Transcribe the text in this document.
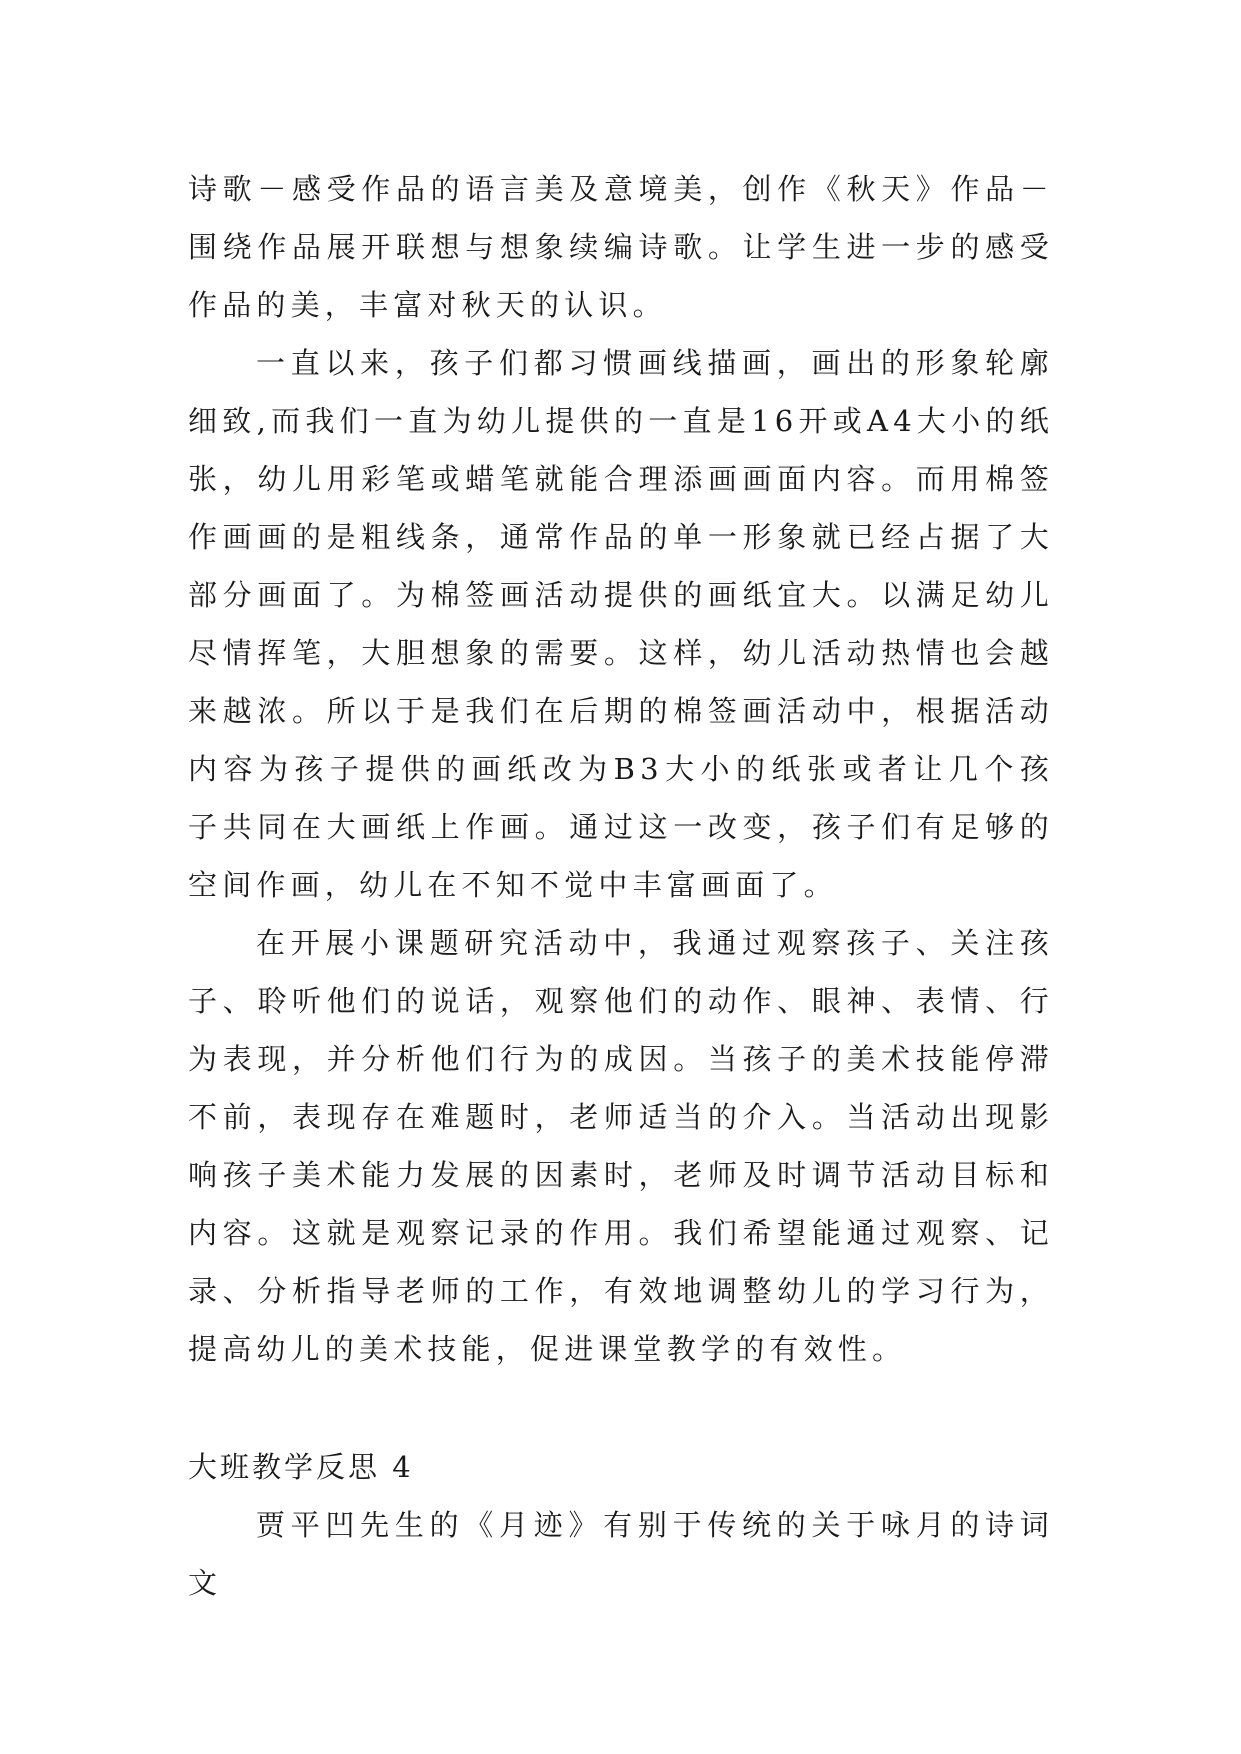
诗歌－感受作品的语言美及意境美，创作《秋天》作品－围绕作品展开联想与想象续编诗歌。让学生进一步的感受作品的美，丰富对秋天的认识。

一直以来，孩子们都习惯画线描画，画出的形象轮廓细致,而我们一直为幼儿提供的一直是16开或A4大小的纸张，幼儿用彩笔或蜡笔就能合理添画画面内容。而用棉签作画画的是粗线条，通常作品的单一形象就已经占据了大部分画面了。为棉签画活动提供的画纸宜大。以满足幼儿尽情挥笔，大胆想象的需要。这样，幼儿活动热情也会越来越浓。所以于是我们在后期的棉签画活动中，根据活动内容为孩子提供的画纸改为B3大小的纸张或者让几个孩子共同在大画纸上作画。通过这一改变，孩子们有足够的空间作画，幼儿在不知不觉中丰富画面了。

在开展小课题研究活动中，我通过观察孩子、关注孩子、聆听他们的说话，观察他们的动作、眼神、表情、行为表现，并分析他们行为的成因。当孩子的美术技能停滞不前，表现存在难题时，老师适当的介入。当活动出现影响孩子美术能力发展的因素时，老师及时调节活动目标和内容。这就是观察记录的作用。我们希望能通过观察、记录、分析指导老师的工作，有效地调整幼儿的学习行为，提高幼儿的美术技能，促进课堂教学的有效性。

大班教学反思 4

贾平凹先生的《月迹》有别于传统的关于咏月的诗词文
